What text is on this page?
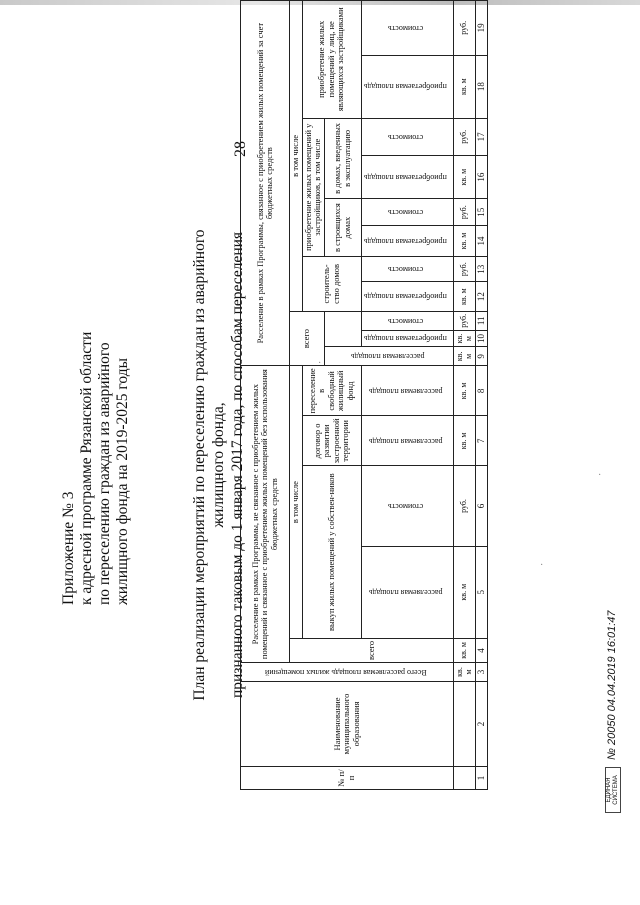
28
Приложение № 3 к адресной программе Рязанской области по переселению граждан из аварийного жилищного фонда на 2019-2025 годы	План реализации мероприятий по переселению граждан из аварийного жилищного фонда, признанного таковым до 1 января 2017 года, по способам переселения
№ п/п	Наименование муниципального образования	Всего расселяемая площадь жилых помещений	Расселение в рамках Программы, не связанное с приобретением жилых помещений и связанное с приобретением жилых помещений без использования бюджетных средств					Расселение в рамках Программы, связанное с приобретением жилых помещений за счет бюджетных средств										
			всего	в том числе				всего			в том числе							
				выкуп жилых помещений у собствен-ников		договор о развитии застроенной территории	переселение в свободный жилищный фонд				строитель-ство домов		приобретение жилых помещений у застройщиков, в том числе				приобретение жилых помещений у лиц, не являющихся застройщиками	
								расселяемая площадь					в строящихся домах		в домах, введенных в эксплуатацию			
				расселяемая площадь	стоимость	расселяемая площадь	расселяемая площадь		приобретаемая площадь	стоимость	приобретаемая площадь	стоимость	приобретаемая площадь	стоимость	приобретаемая площадь	стоимость	приобретаемая площадь	стоимость
		кв. м	кв. м	кв. м	руб.	кв. м	кв. м	кв. м	кв. м	руб.	кв. м	руб.	кв. м	руб.	кв. м	руб.	кв. м	руб.
1	2	3	4	5	6	7	8	9	10	11	12	13	14	15	16	17	18	19
ЕДИНАЯ СИСТЕМА
№ 20050 04.04.2019 16:01:47
·
·
·
